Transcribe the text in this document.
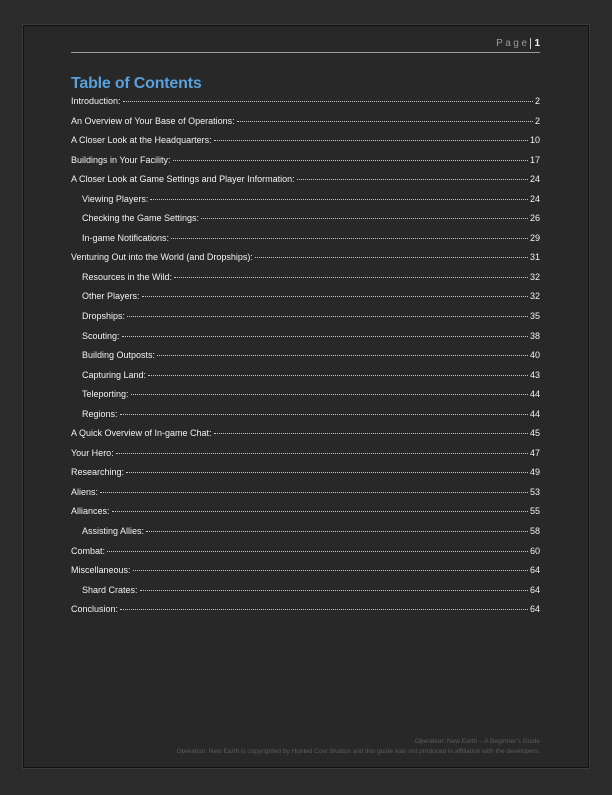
Page 1
Table of Contents
Introduction:	2
An Overview of Your Base of Operations:	2
A Closer Look at the Headquarters:	10
Buildings in Your Facility:	17
A Closer Look at Game Settings and Player Information:	24
Viewing Players:	24
Checking the Game Settings:	26
In-game Notifications:	29
Venturing Out into the World (and Dropships):	31
Resources in the Wild:	32
Other Players:	32
Dropships:	35
Scouting:	38
Building Outposts:	40
Capturing Land:	43
Teleporting:	44
Regions:	44
A Quick Overview of In-game Chat:	45
Your Hero:	47
Researching:	49
Aliens:	53
Alliances:	55
Assisting Allies:	58
Combat:	60
Miscellaneous:	64
Shard Crates:	64
Conclusion:	64
Operation: New Earth – A Beginner’s Guide
Operation: New Earth is copyrighted by Hunted Cow Studios and this guide was not produced in affiliation with the developers.
